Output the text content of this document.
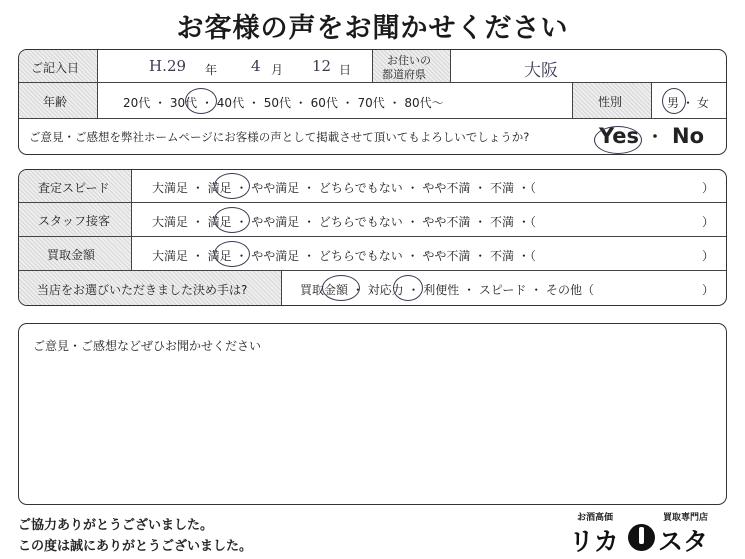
お客様の声をお聞かせください
ご記入日	H. 29 年 4 月 12 日
お住いの
都道府県	大阪
年齢	20代 ・ 30代 ・ 40代 ・ 50代 ・ 60代 ・ 70代 ・ 80代〜	性別	男・女
ご意見・ご感想を弊社ホームページにお客様の声として掲載させて頂いてもよろしいでしょうか?	Yes ・ No
査定スピード	大満足 ・ 満足 ・ やや満足 ・ どちらでもない ・ やや不満 ・ 不満 ・（	）
スタッフ接客	大満足 ・ 満足 ・ やや満足 ・ どちらでもない ・ やや不満 ・ 不満 ・（	）
買取金額	大満足 ・ 満足 ・ やや満足 ・ どちらでもない ・ やや不満 ・ 不満 ・（	）
当店をお選びいただきました決め手は?	買取金額 ・ 対応力 ・ 利便性 ・ スピード ・ その他（	）
ご意見・ご感想などぜひお聞かせください
ご協力ありがとうございました。
この度は誠にありがとうございました。
お酒高価	買取専門店
リカ スタ
